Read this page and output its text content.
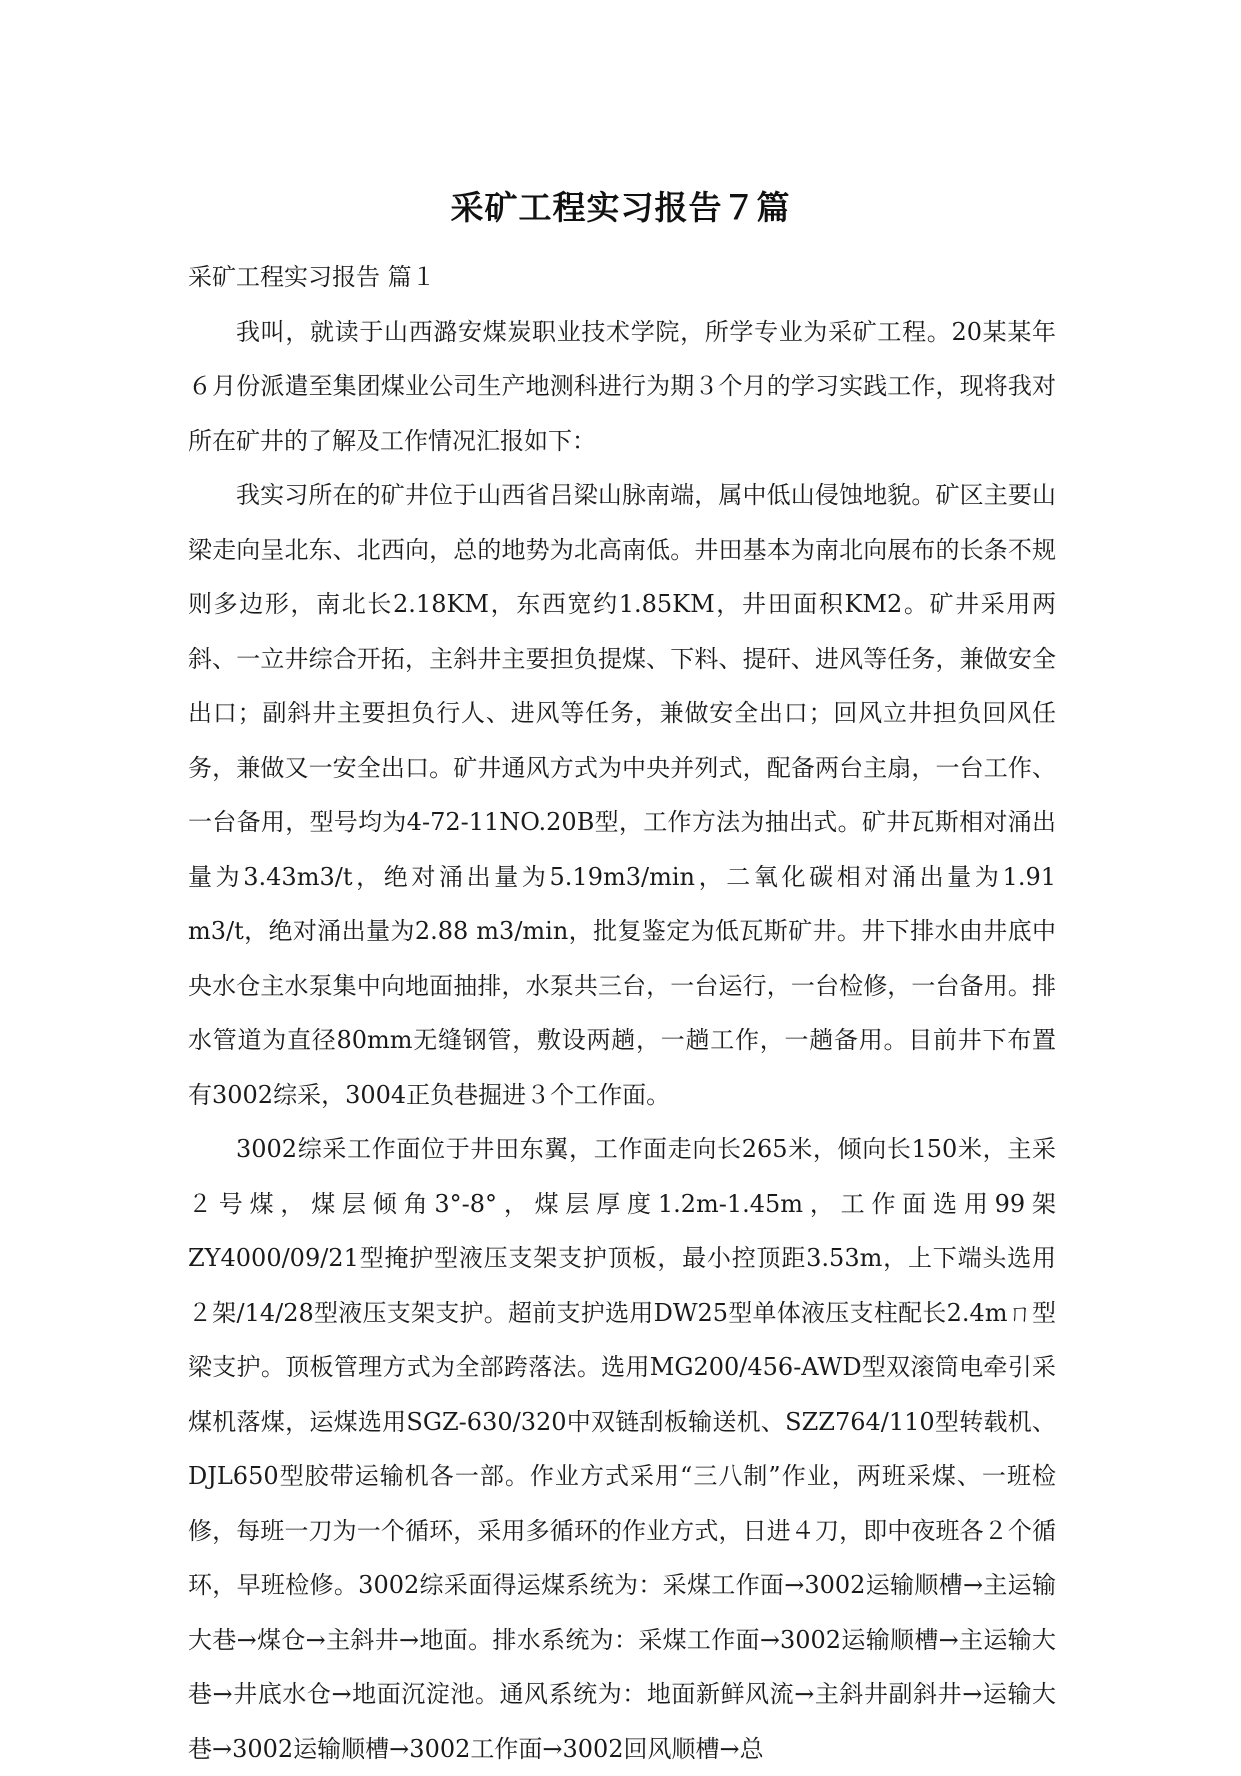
采矿工程实习报告７篇

采矿工程实习报告 篇１

我叫，就读于山西潞安煤炭职业技术学院，所学专业为采矿工程。20某某年６月份派遣至集团煤业公司生产地测科进行为期３个月的学习实践工作，现将我对所在矿井的了解及工作情况汇报如下：

我实习所在的矿井位于山西省吕梁山脉南端，属中低山侵蚀地貌。矿区主要山梁走向呈北东、北西向，总的地势为北高南低。井田基本为南北向展布的长条不规则多边形，南北长2.18KM，东西宽约1.85KM，井田面积KM2。矿井采用两斜、一立井综合开拓，主斜井主要担负提煤、下料、提矸、进风等任务，兼做安全出口；副斜井主要担负行人、进风等任务，兼做安全出口；回风立井担负回风任务，兼做又一安全出口。矿井通风方式为中央并列式，配备两台主扇，一台工作、一台备用，型号均为4-72-11NO.20B型，工作方法为抽出式。矿井瓦斯相对涌出量为3.43m3/t，绝对涌出量为5.19m3/min，二氧化碳相对涌出量为1.91 m3/t，绝对涌出量为2.88 m3/min，批复鉴定为低瓦斯矿井。井下排水由井底中央水仓主水泵集中向地面抽排，水泵共三台，一台运行，一台检修，一台备用。排水管道为直径80mm无缝钢管，敷设两趟，一趟工作，一趟备用。目前井下布置有3002综采，3004正负巷掘进３个工作面。

3002综采工作面位于井田东翼，工作面走向长265米，倾向长150米，主采２号煤，煤层倾角3°-8°，煤层厚度1.2m-1.45m，工作面选用99架ZY4000/09/21型掩护型液压支架支护顶板，最小控顶距3.53m，上下端头选用２架/14/28型液压支架支护。超前支护选用DW25型单体液压支柱配长2.4mㄇ型梁支护。顶板管理方式为全部跨落法。选用MG200/456-AWD型双滚筒电牵引采煤机落煤，运煤选用SGZ-630/320中双链刮板输送机、SZZ764/110型转载机、DJL650型胶带运输机各一部。作业方式采用“三八制”作业，两班采煤、一班检修，每班一刀为一个循环，采用多循环的作业方式，日进４刀，即中夜班各２个循环，早班检修。3002综采面得运煤系统为：采煤工作面→3002运输顺槽→主运输大巷→煤仓→主斜井→地面。排水系统为：采煤工作面→3002运输顺槽→主运输大巷→井底水仓→地面沉淀池。通风系统为：地面新鲜风流→主斜井副斜井→运输大巷→3002运输顺槽→3002工作面→3002回风顺槽→总
